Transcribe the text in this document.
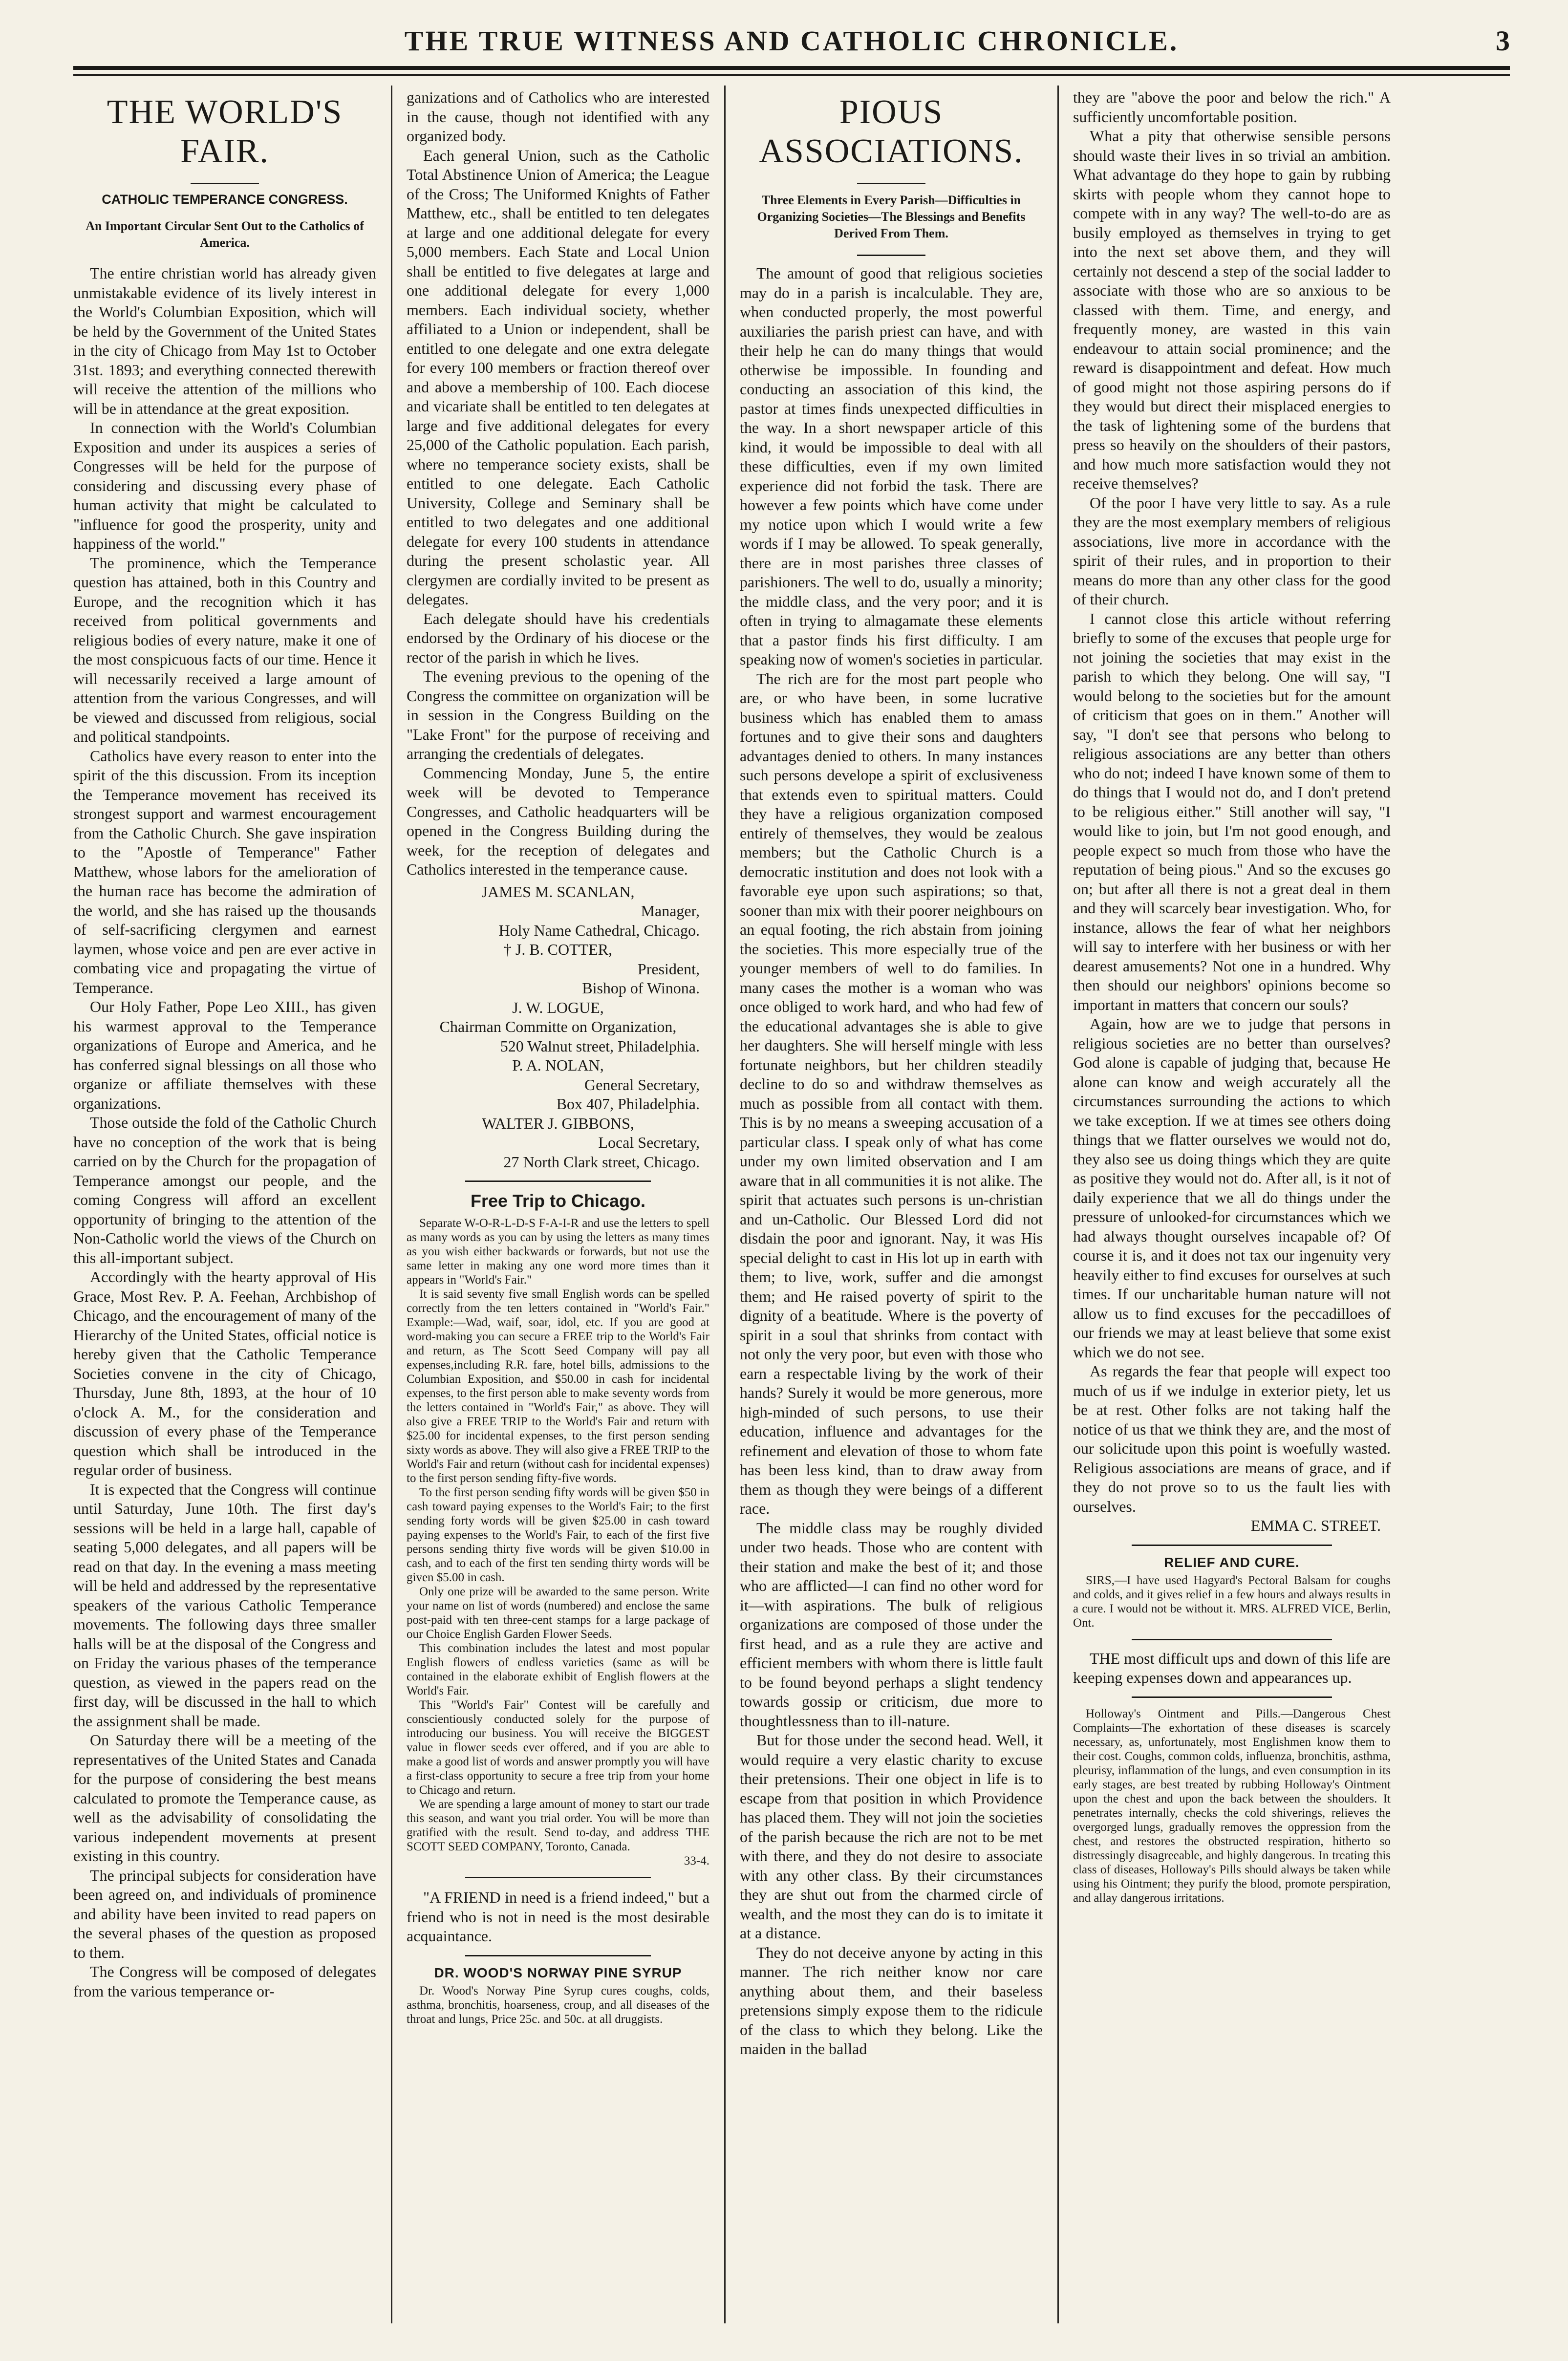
THE TRUE WITNESS AND CATHOLIC CHRONICLE.	3
THE WORLD'S FAIR.
CATHOLIC TEMPERANCE CONGRESS.
An Important Circular Sent Out to the Catholics of America.

The entire christian world has already given unmistakable evidence of its lively interest in the World's Columbian Exposition, which will be held by the Government of the United States in the city of Chicago from May 1st to October 31st. 1893; and everything connected therewith will receive the attention of the millions who will be in attendance at the great exposition.

In connection with the World's Columbian Exposition and under its auspices a series of Congresses will be held for the purpose of considering and discussing every phase of human activity that might be calculated to "influence for good the prosperity, unity and happiness of the world."

The prominence, which the Temperance question has attained, both in this Country and Europe, and the recognition which it has received from political governments and religious bodies of every nature, make it one of the most conspicuous facts of our time. Hence it will necessarily received a large amount of attention from the various Congresses, and will be viewed and discussed from religious, social and political standpoints.

Catholics have every reason to enter into the spirit of the this discussion. From its inception the Temperance movement has received its strongest support and warmest encouragement from the Catholic Church. She gave inspiration to the "Apostle of Temperance" Father Matthew, whose labors for the amelioration of the human race has become the admiration of the world, and she has raised up the thousands of self-sacrificing clergymen and earnest laymen, whose voice and pen are ever active in combating vice and propagating the virtue of Temperance.

Our Holy Father, Pope Leo XIII., has given his warmest approval to the Temperance organizations of Europe and America, and he has conferred signal blessings on all those who organize or affiliate themselves with these organizations.

Those outside the fold of the Catholic Church have no conception of the work that is being carried on by the Church for the propagation of Temperance amongst our people, and the coming Congress will afford an excellent opportunity of bringing to the attention of the Non-Catholic world the views of the Church on this all-important subject.

Accordingly with the hearty approval of His Grace, Most Rev. P. A. Feehan, Archbishop of Chicago, and the encouragement of many of the Hierarchy of the United States, official notice is hereby given that the Catholic Temperance Societies convene in the city of Chicago, Thursday, June 8th, 1893, at the hour of 10 o'clock A. M., for the consideration and discussion of every phase of the Temperance question which shall be introduced in the regular order of business.

It is expected that the Congress will continue until Saturday, June 10th. The first day's sessions will be held in a large hall, capable of seating 5,000 delegates, and all papers will be read on that day. In the evening a mass meeting will be held and addressed by the representative speakers of the various Catholic Temperance movements. The following days three smaller halls will be at the disposal of the Congress and on Friday the various phases of the temperance question, as viewed in the papers read on the first day, will be discussed in the hall to which the assignment shall be made.

On Saturday there will be a meeting of the representatives of the United States and Canada for the purpose of considering the best means calculated to promote the Temperance cause, as well as the advisability of consolidating the various independent movements at present existing in this country.

The principal subjects for consideration have been agreed on, and individuals of prominence and ability have been invited to read papers on the several phases of the question as proposed to them.

The Congress will be composed of delegates from the various temperance or-

ganizations and of Catholics who are interested in the cause, though not identified with any organized body.

Each general Union, such as the Catholic Total Abstinence Union of America; the League of the Cross; The Uniformed Knights of Father Matthew, etc., shall be entitled to ten delegates at large and one additional delegate for every 5,000 members. Each State and Local Union shall be entitled to five delegates at large and one additional delegate for every 1,000 members. Each individual society, whether affiliated to a Union or independent, shall be entitled to one delegate and one extra delegate for every 100 members or fraction thereof over and above a membership of 100. Each diocese and vicariate shall be entitled to ten delegates at large and five additional delegates for every 25,000 of the Catholic population. Each parish, where no temperance society exists, shall be entitled to one delegate. Each Catholic University, College and Seminary shall be entitled to two delegates and one additional delegate for every 100 students in attendance during the present scholastic year. All clergymen are cordially invited to be present as delegates.

Each delegate should have his credentials endorsed by the Ordinary of his diocese or the rector of the parish in which he lives.

The evening previous to the opening of the Congress the committee on organization will be in session in the Congress Building on the "Lake Front" for the purpose of receiving and arranging the credentials of delegates.

Commencing Monday, June 5, the entire week will be devoted to Temperance Congresses, and Catholic headquarters will be opened in the Congress Building during the week, for the reception of delegates and Catholics interested in the temperance cause.

JAMES M. SCANLAN,

Manager,

Holy Name Cathedral, Chicago.

† J. B. COTTER,

President,

Bishop of Winona.

J. W. LOGUE,

Chairman Committe on Organization,

520 Walnut street, Philadelphia.

P. A. NOLAN,

General Secretary,

Box 407, Philadelphia.

WALTER J. GIBBONS,

Local Secretary,

27 North Clark street, Chicago.

Free Trip to Chicago.

Separate W-O-R-L-D-S F-A-I-R and use the letters to spell as many words as you can by using the letters as many times as you wish either backwards or forwards, but not use the same letter in making any one word more times than it appears in "World's Fair."

It is said seventy five small English words can be spelled correctly from the ten letters contained in "World's Fair." Example:—Wad, waif, soar, idol, etc. If you are good at word-making you can secure a FREE trip to the World's Fair and return, as The Scott Seed Company will pay all expenses,including R.R. fare, hotel bills, admissions to the Columbian Exposition, and $50.00 in cash for incidental expenses, to the first person able to make seventy words from the letters contained in "World's Fair," as above. They will also give a FREE TRIP to the World's Fair and return with $25.00 for incidental expenses, to the first person sending sixty words as above. They will also give a FREE TRIP to the World's Fair and return (without cash for incidental expenses) to the first person sending fifty-five words.

To the first person sending fifty words will be given $50 in cash toward paying expenses to the World's Fair; to the first sending forty words will be given $25.00 in cash toward paying expenses to the World's Fair, to each of the first five persons sending thirty five words will be given $10.00 in cash, and to each of the first ten sending thirty words will be given $5.00 in cash.

Only one prize will be awarded to the same person. Write your name on list of words (numbered) and enclose the same post-paid with ten three-cent stamps for a large package of our Choice English Garden Flower Seeds.

This combination includes the latest and most popular English flowers of endless varieties (same as will be contained in the elaborate exhibit of English flowers at the World's Fair.

This "World's Fair" Contest will be carefully and conscientiously conducted solely for the purpose of introducing our business. You will receive the BIGGEST value in flower seeds ever offered, and if you are able to make a good list of words and answer promptly you will have a first-class opportunity to secure a free trip from your home to Chicago and return.

We are spending a large amount of money to start our trade this season, and want you trial order. You will be more than gratified with the result. Send to-day, and address THE SCOTT SEED COMPANY, Toronto, Canada.

33-4.

"A FRIEND in need is a friend indeed," but a friend who is not in need is the most desirable acquaintance.

DR. WOOD'S NORWAY PINE SYRUP

Dr. Wood's Norway Pine Syrup cures coughs, colds, asthma, bronchitis, hoarseness, croup, and all diseases of the throat and lungs, Price 25c. and 50c. at all druggists.

PIOUS ASSOCIATIONS.
Three Elements in Every Parish—Difficulties in Organizing Societies—The Blessings and Benefits Derived From Them.

The amount of good that religious societies may do in a parish is incalculable. They are, when conducted properly, the most powerful auxiliaries the parish priest can have, and with their help he can do many things that would otherwise be impossible. In founding and conducting an association of this kind, the pastor at times finds unexpected difficulties in the way. In a short newspaper article of this kind, it would be impossible to deal with all these difficulties, even if my own limited experience did not forbid the task. There are however a few points which have come under my notice upon which I would write a few words if I may be allowed. To speak generally, there are in most parishes three classes of parishioners. The well to do, usually a minority; the middle class, and the very poor; and it is often in trying to almagamate these elements that a pastor finds his first difficulty. I am speaking now of women's societies in particular.

The rich are for the most part people who are, or who have been, in some lucrative business which has enabled them to amass fortunes and to give their sons and daughters advantages denied to others. In many instances such persons develope a spirit of exclusiveness that extends even to spiritual matters. Could they have a religious organization composed entirely of themselves, they would be zealous members; but the Catholic Church is a democratic institution and does not look with a favorable eye upon such aspirations; so that, sooner than mix with their poorer neighbours on an equal footing, the rich abstain from joining the societies. This more especially true of the younger members of well to do families. In many cases the mother is a woman who was once obliged to work hard, and who had few of the educational advantages she is able to give her daughters. She will herself mingle with less fortunate neighbors, but her children steadily decline to do so and withdraw themselves as much as possible from all contact with them. This is by no means a sweeping accusation of a particular class. I speak only of what has come under my own limited observation and I am aware that in all communities it is not alike. The spirit that actuates such persons is un-christian and un-Catholic. Our Blessed Lord did not disdain the poor and ignorant. Nay, it was His special delight to cast in His lot up in earth with them; to live, work, suffer and die amongst them; and He raised poverty of spirit to the dignity of a beatitude. Where is the poverty of spirit in a soul that shrinks from contact with not only the very poor, but even with those who earn a respectable living by the work of their hands? Surely it would be more generous, more high-minded of such persons, to use their education, influence and advantages for the refinement and elevation of those to whom fate has been less kind, than to draw away from them as though they were beings of a different race.

The middle class may be roughly divided under two heads. Those who are content with their station and make the best of it; and those who are afflicted—I can find no other word for it—with aspirations. The bulk of religious organizations are composed of those under the first head, and as a rule they are active and efficient members with whom there is little fault to be found beyond perhaps a slight tendency towards gossip or criticism, due more to thoughtlessness than to ill-nature.

But for those under the second head. Well, it would require a very elastic charity to excuse their pretensions. Their one object in life is to escape from that position in which Providence has placed them. They will not join the societies of the parish because the rich are not to be met with there, and they do not desire to associate with any other class. By their circumstances they are shut out from the charmed circle of wealth, and the most they can do is to imitate it at a distance.

They do not deceive anyone by acting in this manner. The rich neither know nor care anything about them, and their baseless pretensions simply expose them to the ridicule of the class to which they belong. Like the maiden in the ballad

they are "above the poor and below the rich." A sufficiently uncomfortable position.

What a pity that otherwise sensible persons should waste their lives in so trivial an ambition. What advantage do they hope to gain by rubbing skirts with people whom they cannot hope to compete with in any way? The well-to-do are as busily employed as themselves in trying to get into the next set above them, and they will certainly not descend a step of the social ladder to associate with those who are so anxious to be classed with them. Time, and energy, and frequently money, are wasted in this vain endeavour to attain social prominence; and the reward is disappointment and defeat. How much of good might not those aspiring persons do if they would but direct their misplaced energies to the task of lightening some of the burdens that press so heavily on the shoulders of their pastors, and how much more satisfaction would they not receive themselves?

Of the poor I have very little to say. As a rule they are the most exemplary members of religious associations, live more in accordance with the spirit of their rules, and in proportion to their means do more than any other class for the good of their church.

I cannot close this article without referring briefly to some of the excuses that people urge for not joining the societies that may exist in the parish to which they belong. One will say, "I would belong to the societies but for the amount of criticism that goes on in them." Another will say, "I don't see that persons who belong to religious associations are any better than others who do not; indeed I have known some of them to do things that I would not do, and I don't pretend to be religious either." Still another will say, "I would like to join, but I'm not good enough, and people expect so much from those who have the reputation of being pious." And so the excuses go on; but after all there is not a great deal in them and they will scarcely bear investigation. Who, for instance, allows the fear of what her neighbors will say to interfere with her business or with her dearest amusements? Not one in a hundred. Why then should our neighbors' opinions become so important in matters that concern our souls?

Again, how are we to judge that persons in religious societies are no better than ourselves? God alone is capable of judging that, because He alone can know and weigh accurately all the circumstances surrounding the actions to which we take exception. If we at times see others doing things that we flatter ourselves we would not do, they also see us doing things which they are quite as positive they would not do. After all, is it not of daily experience that we all do things under the pressure of unlooked-for circumstances which we had always thought ourselves incapable of? Of course it is, and it does not tax our ingenuity very heavily either to find excuses for ourselves at such times. If our uncharitable human nature will not allow us to find excuses for the peccadilloes of our friends we may at least believe that some exist which we do not see.

As regards the fear that people will expect too much of us if we indulge in exterior piety, let us be at rest. Other folks are not taking half the notice of us that we think they are, and the most of our solicitude upon this point is woefully wasted. Religious associations are means of grace, and if they do not prove so to us the fault lies with ourselves.

EMMA C. STREET.

RELIEF AND CURE.

SIRS,—I have used Hagyard's Pectoral Balsam for coughs and colds, and it gives relief in a few hours and always results in a cure. I would not be without it. MRS. ALFRED VICE, Berlin, Ont.

THE most difficult ups and down of this life are keeping expenses down and appearances up.

Holloway's Ointment and Pills.—Dangerous Chest Complaints—The exhortation of these diseases is scarcely necessary, as, unfortunately, most Englishmen know them to their cost. Coughs, common colds, influenza, bronchitis, asthma, pleurisy, inflammation of the lungs, and even consumption in its early stages, are best treated by rubbing Holloway's Ointment upon the chest and upon the back between the shoulders. It penetrates internally, checks the cold shiverings, relieves the overgorged lungs, gradually removes the oppression from the chest, and restores the obstructed respiration, hitherto so distressingly disagreeable, and highly dangerous. In treating this class of diseases, Holloway's Pills should always be taken while using his Ointment; they purify the blood, promote perspiration, and allay dangerous irritations.
